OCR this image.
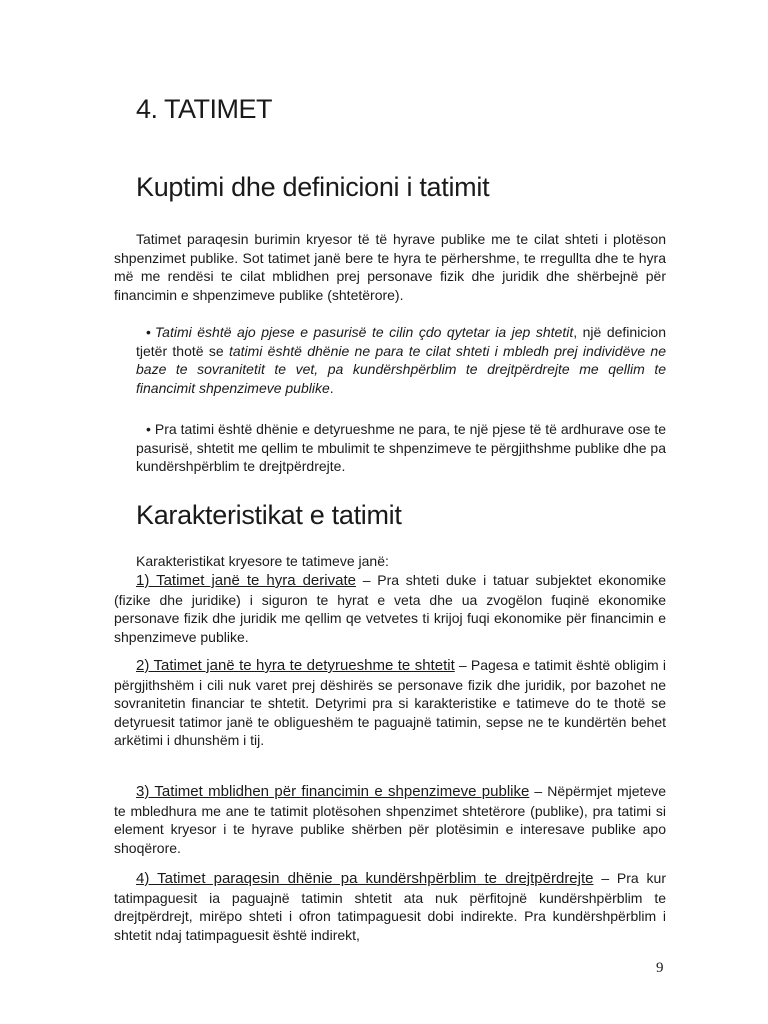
4. TATIMET
Kuptimi dhe definicioni i tatimit

Tatimet paraqesin burimin kryesor të të hyrave publike me te cilat shteti i plotëson shpenzimet publike. Sot tatimet janë bere te hyra te përhershme, te rregullta dhe te hyra më me rendësi te cilat mblidhen prej personave fizik dhe juridik dhe shërbejnë për financimin e shpenzimeve publike (shtetërore).

• Tatimi është ajo pjese e pasurisë te cilin çdo qytetar ia jep shtetit, një definicion tjetër thotë se tatimi është dhënie ne para te cilat shteti i mbledh prej individëve ne baze te sovranitetit te vet, pa kundërshpërblim te drejtpërdrejte me qellim te financimit shpenzimeve publike.

• Pra tatimi është dhënie e detyrueshme ne para, te një pjese të të ardhurave ose te pasurisë, shtetit me qellim te mbulimit te shpenzimeve te përgjithshme publike dhe pa kundërshpërblim te drejtpërdrejte.

Karakteristikat e tatimit

Karakteristikat kryesore te tatimeve janë:

1) Tatimet janë te hyra derivate – Pra shteti duke i tatuar subjektet ekonomike (fizike dhe juridike) i siguron te hyrat e veta dhe ua zvogëlon fuqinë ekonomike personave fizik dhe juridik me qellim qe vetvetes ti krijoj fuqi ekonomike për financimin e shpenzimeve publike.

2) Tatimet janë te hyra te detyrueshme te shtetit – Pagesa e tatimit është obligim i përgjithshëm i cili nuk varet prej dëshirës se personave fizik dhe juridik, por bazohet ne sovranitetin financiar te shtetit. Detyrimi pra si karakteristike e tatimeve do te thotë se detyruesit tatimor janë te obligueshëm te paguajnë tatimin, sepse ne te kundërtën behet arkëtimi i dhunshëm i tij.

3) Tatimet mblidhen për financimin e shpenzimeve publike – Nëpërmjet mjeteve te mbledhura me ane te tatimit plotësohen shpenzimet shtetërore (publike), pra tatimi si element kryesor i te hyrave publike shërben për plotësimin e interesave publike apo shoqërore.

4) Tatimet paraqesin dhënie pa kundërshpërblim te drejtpërdrejte – Pra kur tatimpaguesit ia paguajnë tatimin shtetit ata nuk përfitojnë kundërshpërblim te drejtpërdrejt, mirëpo shteti i ofron tatimpaguesit dobi indirekte. Pra kundërshpërblim i shtetit ndaj tatimpaguesit është indirekt,

9
